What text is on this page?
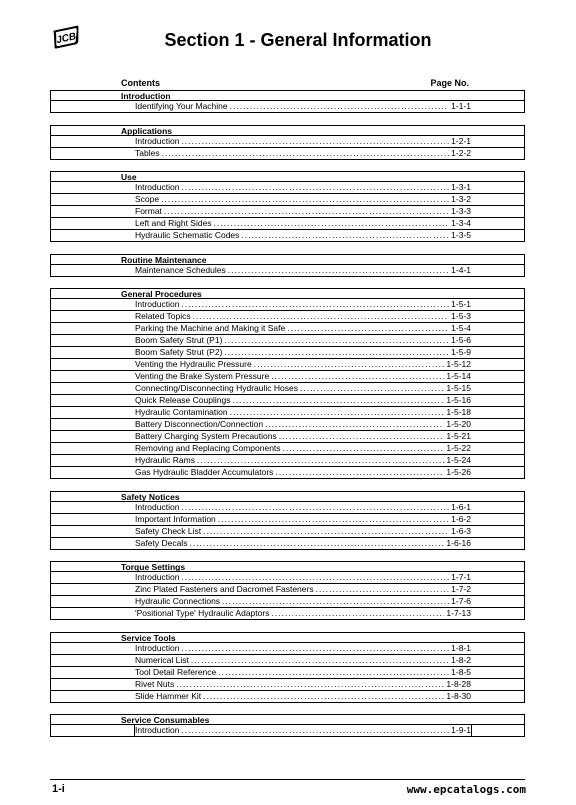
JCB	Section 1 - General Information
Contents	Page No.
Introduction
Identifying Your Machine .....	1-1-1
Applications
Introduction .....	1-2-1
Tables .....	1-2-2
Use
Introduction .....	1-3-1
Scope .....	1-3-2
Format .....	1-3-3
Left and Right Sides .....	1-3-4
Hydraulic Schematic Codes .....	1-3-5
Routine Maintenance
Maintenance Schedules .....	1-4-1
General Procedures
Introduction .....	1-5-1
Related Topics .....	1-5-3
Parking the Machine and Making it Safe .....	1-5-4
Boom Safety Strut (P1) .....	1-5-6
Boom Safety Strut (P2) .....	1-5-9
Venting the Hydraulic Pressure .....	1-5-12
Venting the Brake System Pressure .....	1-5-14
Connecting/Disconnecting Hydraulic Hoses .....	1-5-15
Quick Release Couplings .....	1-5-16
Hydraulic Contamination .....	1-5-18
Battery Disconnection/Connection .....	1-5-20
Battery Charging System Precautions .....	1-5-21
Removing and Replacing Components .....	1-5-22
Hydraulic Rams .....	1-5-24
Gas Hydraulic Bladder Accumulators .....	1-5-26
Safety Notices
Introduction .....	1-6-1
Important Information .....	1-6-2
Safety Check List .....	1-6-3
Safety Decals .....	1-6-16
Torque Settings
Introduction .....	1-7-1
Zinc Plated Fasteners and Dacromet Fasteners .....	1-7-2
Hydraulic Connections .....	1-7-6
'Positional Type' Hydraulic Adaptors .....	1-7-13
Service Tools
Introduction .....	1-8-1
Numerical List .....	1-8-2
Tool Detail Reference .....	1-8-5
Rivet Nuts .....	1-8-28
Slide Hammer Kit .....	1-8-30
Service Consumables
Introduction .....	1-9-1
1-i	www.epcatalogs.com
